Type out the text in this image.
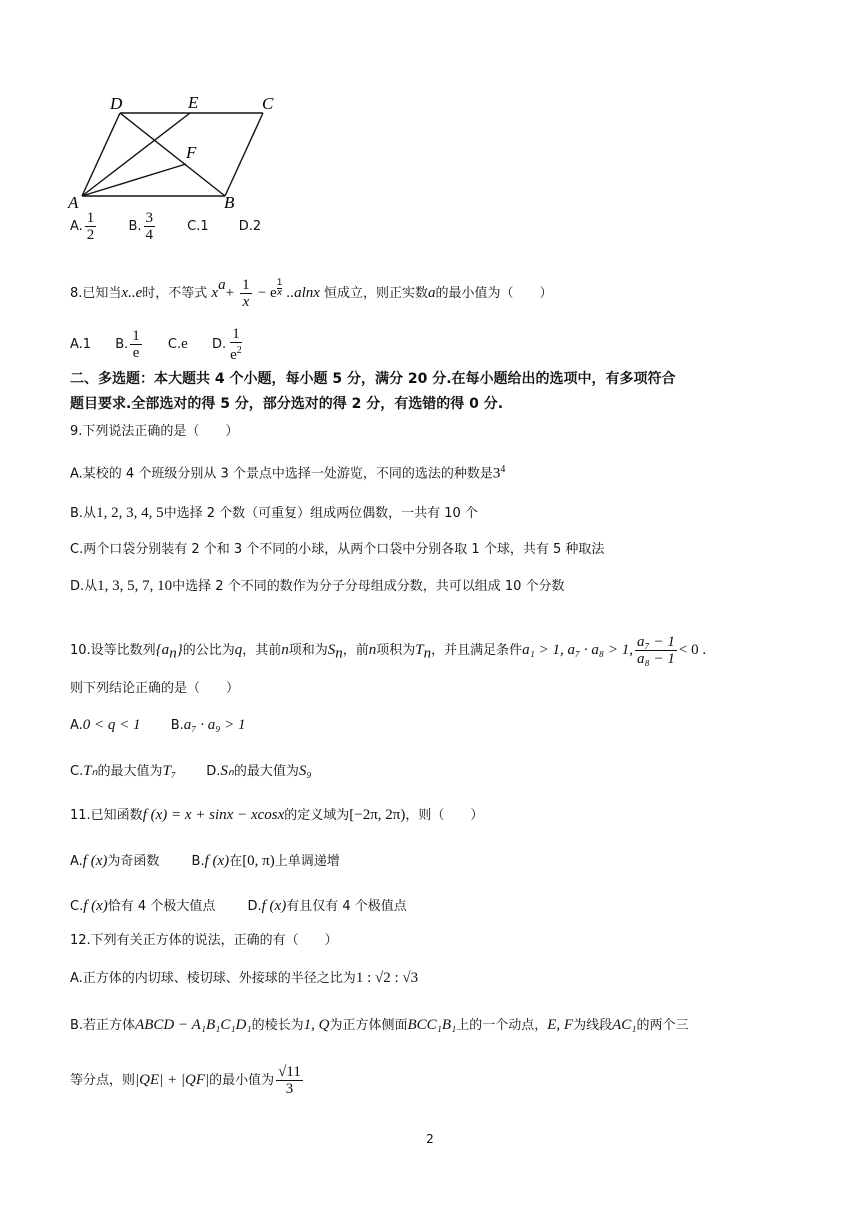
D	E	C
F
A	B
A. $\frac{1}{2} B$. $\frac{3}{4} C.1$ D.2
8.已知当x..e时，不等式 $x^a+ \frac{1}{x} - e$ $^{\frac{1}{x}}$ ..alnx 恒成立，则正实数a的最小值为（　　）
A.1 B. $\frac{1}{e} C.e$ D. $\frac{1}{e^2}$
二、多选题：本大题共 4 个小题，每小题 5 分，满分 20 分.在每小题给出的选项中，有多项符合
题目要求.全部选对的得 5 分，部分选对的得 2 分，有选错的得 0 分.
9.下列说法正确的是（　　）
A.某校的 4 个班级分别从 3 个景点中选择一处游览，不同的选法的种数是$3^4$
B.从1, 2, 3, 4, 5中选择 2 个数（可重复）组成两位偶数，一共有 10 个
C.两个口袋分别装有 2 个和 3 个不同的小球，从两个口袋中分别各取 1 个球，共有 5 种取法
D.从1, 3, 5, 7, 10中选择 2 个不同的数作为分子分母组成分数，共可以组成 10 个分数
10.设等比数列$\{a_n\}$的公比为q，其前n项和为$S_n$，前n项积为$T_n$，并且满足条件a₁ > 1, a₇ · a₈ > 1, $\frac{\text{a₇ − 1}}{\text{a₈ − 1}} < 0$ .
则下列结论正确的是（　　）
A.0 < q < 1 B.a₇ · a₉ > 1
C.Tₙ的最大值为T₇ D.Sₙ的最大值为S₉
11.已知函数f (x) = x + sinx − xcosx的定义域为[−2π, 2π)，则（　　）
A.f (x)为奇函数 B.f (x)在[0, π)上单调递增
C.f (x)恰有 4 个极大值点 D.f (x)有且仅有 4 个极值点
12.下列有关正方体的说法，正确的有（　　）
A.正方体的内切球、棱切球、外接球的半径之比为1 : √2 : √3
B.若正方体ABCD − A₁B₁C₁D₁的棱长为1, Q为正方体侧面BCC₁B₁上的一个动点，E, F为线段AC₁的两个三
等分点，则|QE| + |QF|的最小值为 $\frac{√11}{3}$
2
